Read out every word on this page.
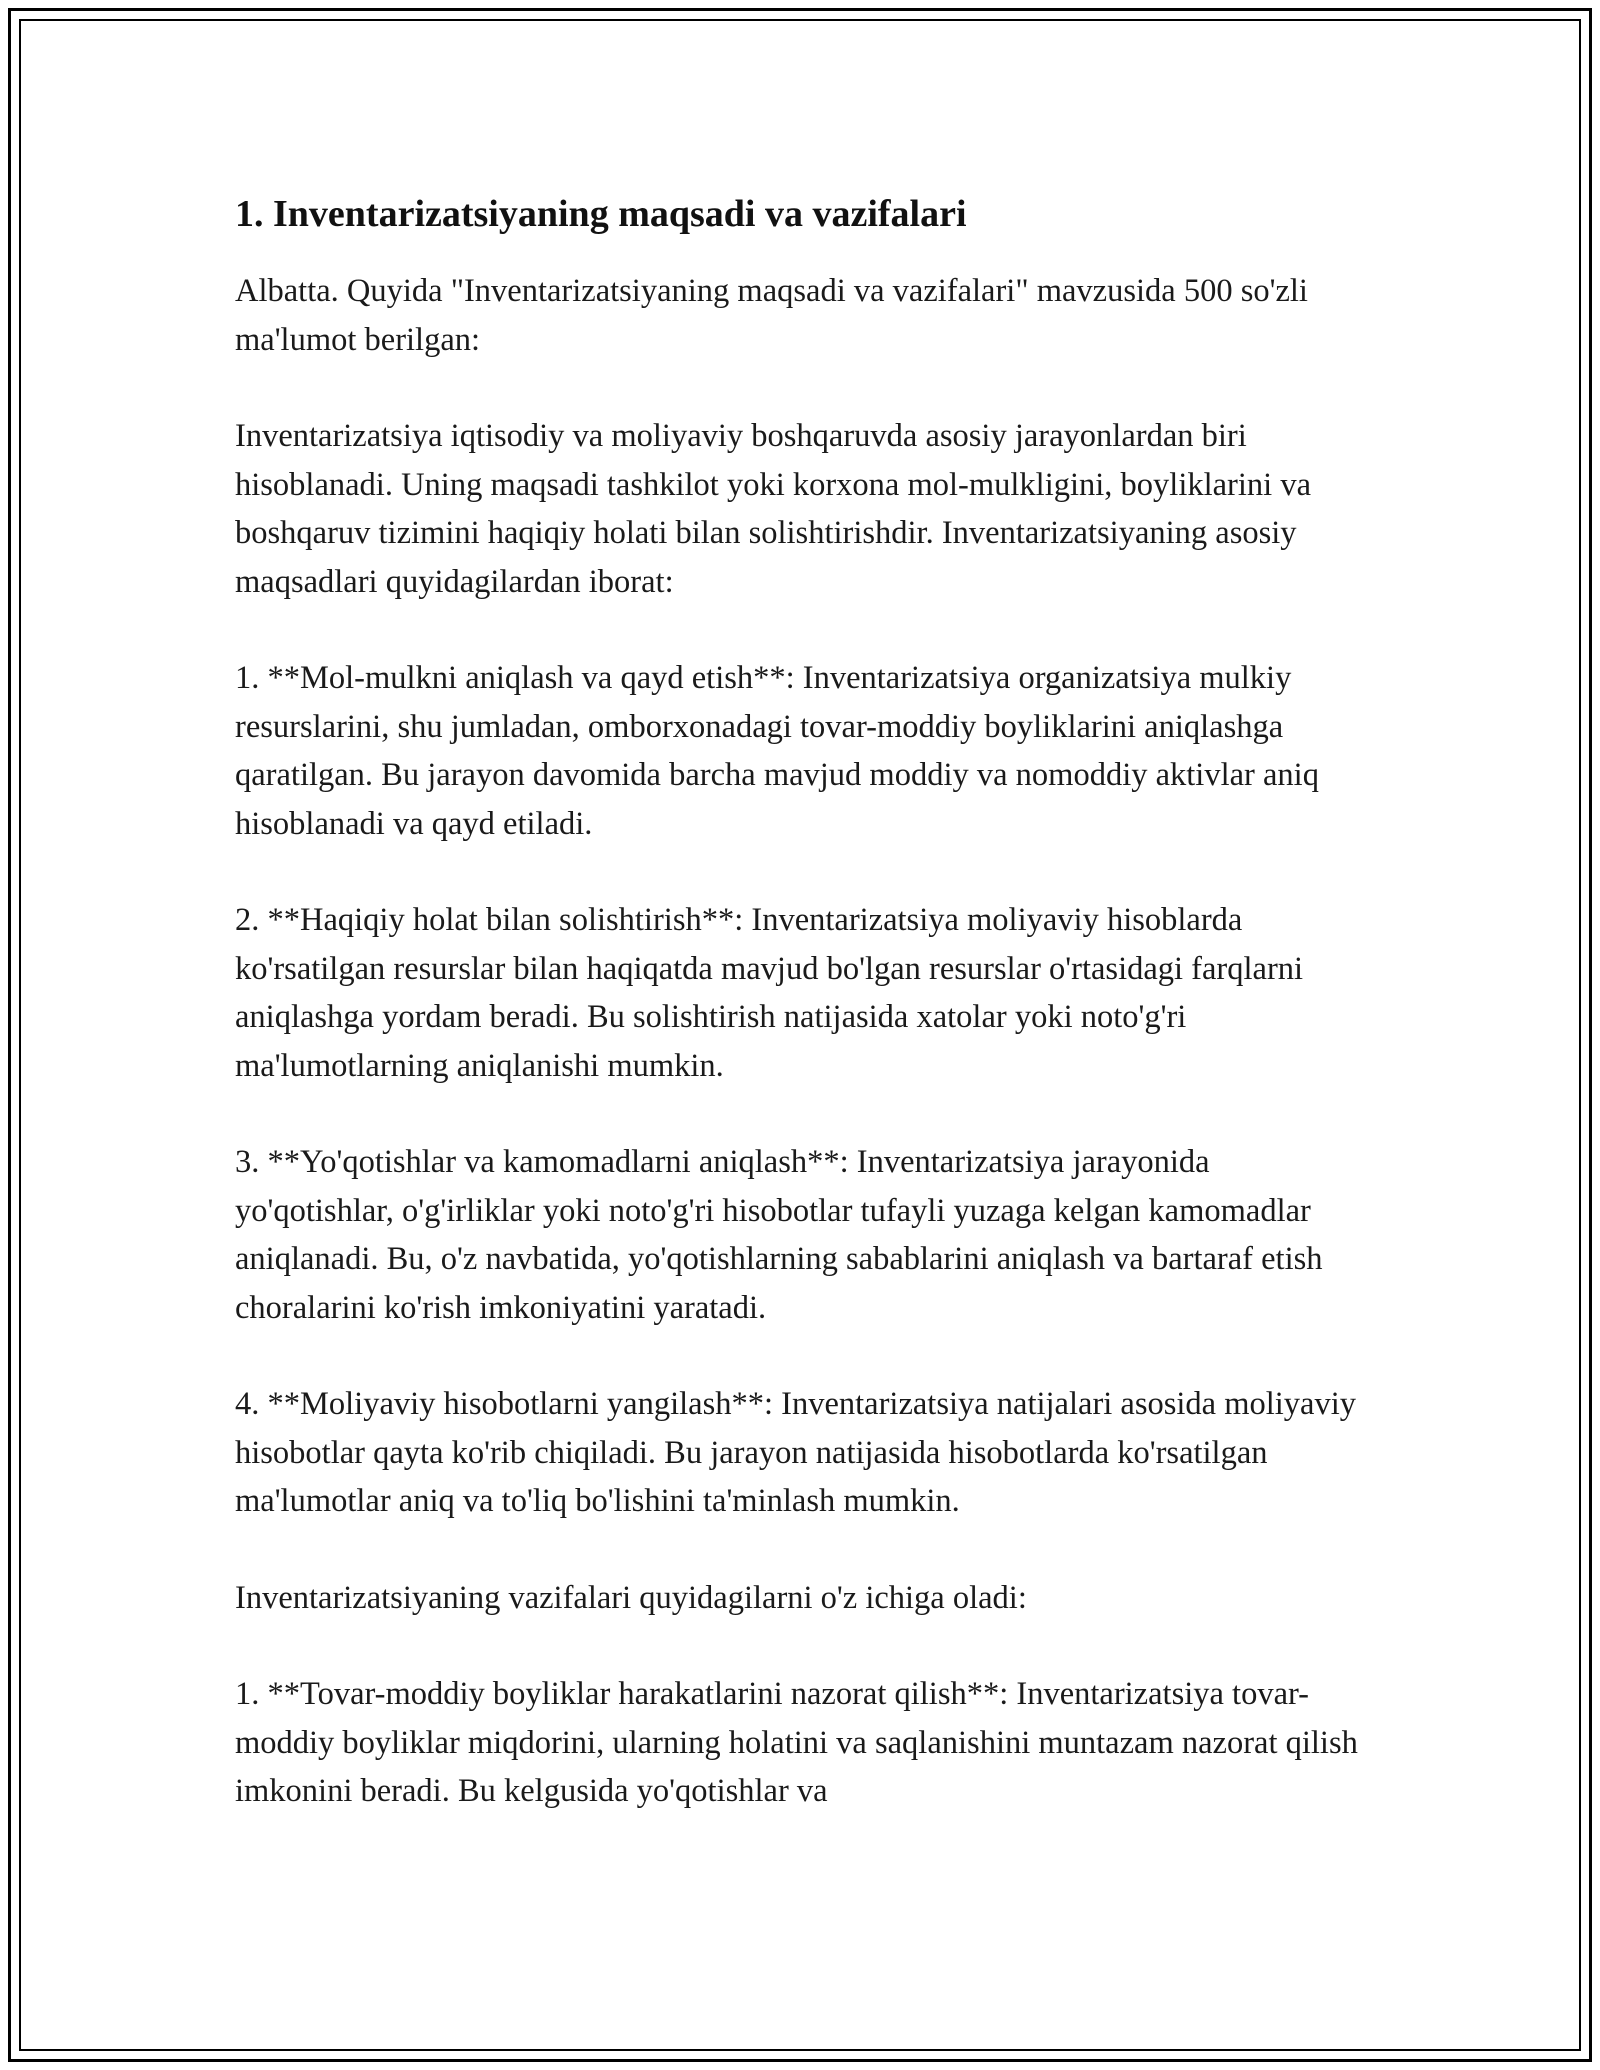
1. Inventarizatsiyaning maqsadi va vazifalari

Albatta. Quyida "Inventarizatsiyaning maqsadi va vazifalari" mavzusida 500 so'zli ma'lumot berilgan:

Inventarizatsiya iqtisodiy va moliyaviy boshqaruvda asosiy jarayonlardan biri hisoblanadi. Uning maqsadi tashkilot yoki korxona mol-mulkligini, boyliklarini va boshqaruv tizimini haqiqiy holati bilan solishtirishdir. Inventarizatsiyaning asosiy maqsadlari quyidagilardan iborat:

1. **Mol-mulkni aniqlash va qayd etish**: Inventarizatsiya organizatsiya mulkiy resurslarini, shu jumladan, omborxonadagi tovar-moddiy boyliklarini aniqlashga qaratilgan. Bu jarayon davomida barcha mavjud moddiy va nomoddiy aktivlar aniq hisoblanadi va qayd etiladi.

2. **Haqiqiy holat bilan solishtirish**: Inventarizatsiya moliyaviy hisoblarda ko'rsatilgan resurslar bilan haqiqatda mavjud bo'lgan resurslar o'rtasidagi farqlarni aniqlashga yordam beradi. Bu solishtirish natijasida xatolar yoki noto'g'ri ma'lumotlarning aniqlanishi mumkin.

3. **Yo'qotishlar va kamomadlarni aniqlash**: Inventarizatsiya jarayonida yo'qotishlar, o'g'irliklar yoki noto'g'ri hisobotlar tufayli yuzaga kelgan kamomadlar aniqlanadi. Bu, o'z navbatida, yo'qotishlarning sabablarini aniqlash va bartaraf etish choralarini ko'rish imkoniyatini yaratadi.

4. **Moliyaviy hisobotlarni yangilash**: Inventarizatsiya natijalari asosida moliyaviy hisobotlar qayta ko'rib chiqiladi. Bu jarayon natijasida hisobotlarda ko'rsatilgan ma'lumotlar aniq va to'liq bo'lishini ta'minlash mumkin.

Inventarizatsiyaning vazifalari quyidagilarni o'z ichiga oladi:

1. **Tovar-moddiy boyliklar harakatlarini nazorat qilish**: Inventarizatsiya tovar-moddiy boyliklar miqdorini, ularning holatini va saqlanishini muntazam nazorat qilish imkonini beradi. Bu kelgusida yo'qotishlar va
